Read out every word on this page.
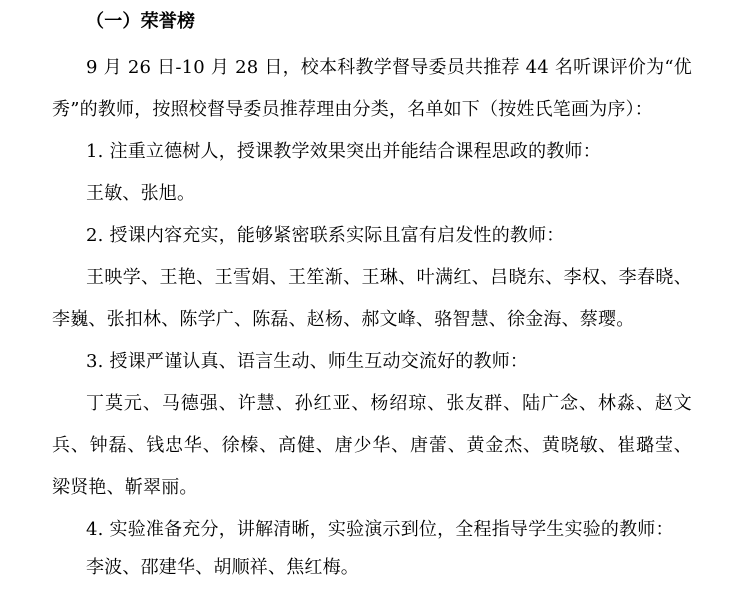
（一）荣誉榜
9 月 26 日-10 月 28 日，校本科教学督导委员共推荐 44 名听课评价为“优
秀”的教师，按照校督导委员推荐理由分类，名单如下（按姓氏笔画为序）：
1. 注重立德树人，授课教学效果突出并能结合课程思政的教师：
王敏、张旭。
2. 授课内容充实，能够紧密联系实际且富有启发性的教师：
王映学、王艳、王雪娟、王笙渐、王琳、叶满红、吕晓东、李权、李春晓、
李巍、张扣林、陈学广、陈磊、赵杨、郝文峰、骆智慧、徐金海、蔡璎。
3. 授课严谨认真、语言生动、师生互动交流好的教师：
丁莫元、马德强、许慧、孙红亚、杨绍琼、张友群、陆广念、林淼、赵文
兵、钟磊、钱忠华、徐榛、高健、唐少华、唐蕾、黄金杰、黄晓敏、崔璐莹、
梁贤艳、靳翠丽。
4. 实验准备充分，讲解清晰，实验演示到位，全程指导学生实验的教师：
李波、邵建华、胡顺祥、焦红梅。
